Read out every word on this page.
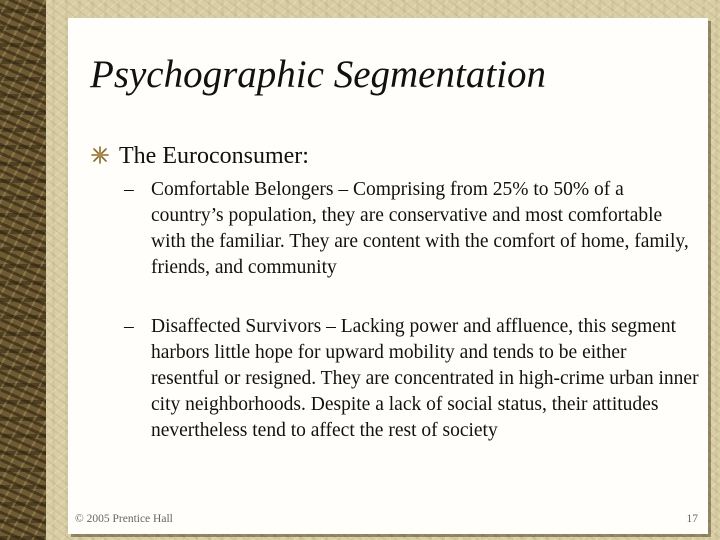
Psychographic Segmentation
The Euroconsumer:
– Comfortable Belongers – Comprising from 25% to 50% of a country’s population, they are conservative and most comfortable with the familiar. They are content with the comfort of home, family, friends, and community
– Disaffected Survivors – Lacking power and affluence, this segment harbors little hope for upward mobility and tends to be either resentful or resigned. They are concentrated in high-crime urban inner city neighborhoods. Despite a lack of social status, their attitudes nevertheless tend to affect the rest of society
© 2005 Prentice Hall	17
